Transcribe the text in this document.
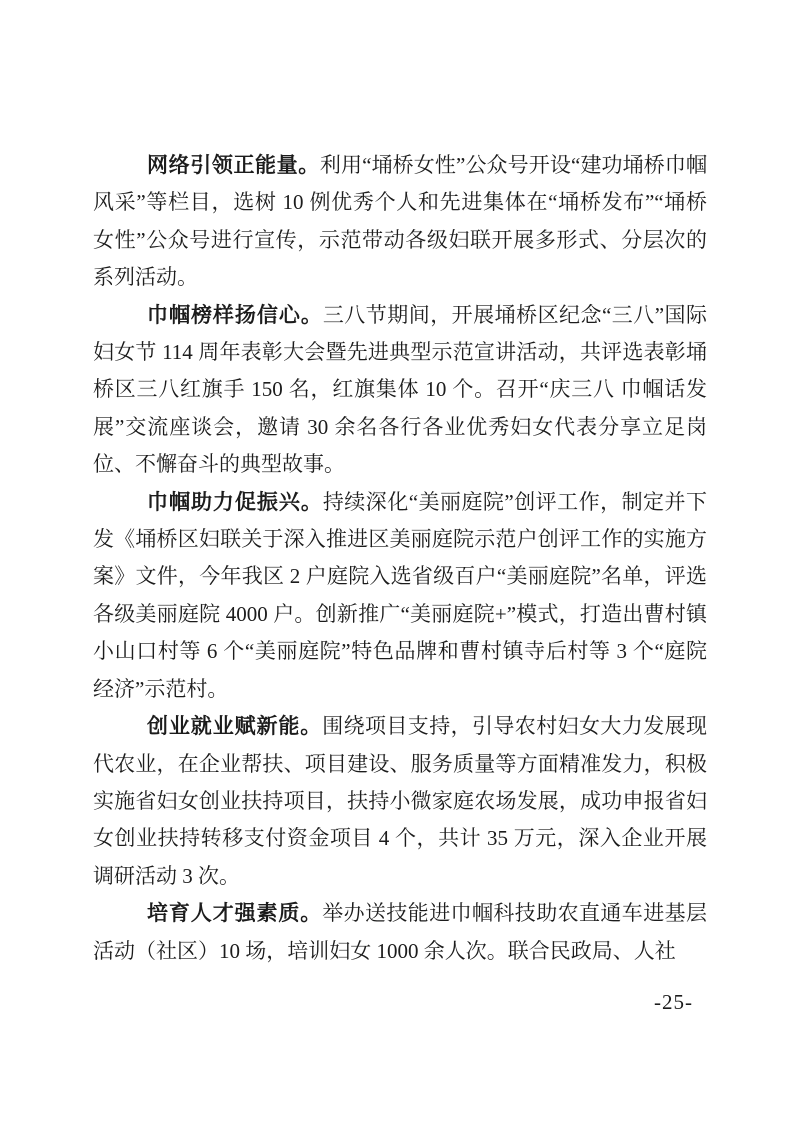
网络引领正能量。利用“埇桥女性”公众号开设“建功埇桥巾帼风采”等栏目，选树 10 例优秀个人和先进集体在“埇桥发布”“埇桥女性”公众号进行宣传，示范带动各级妇联开展多形式、分层次的系列活动。

巾帼榜样扬信心。三八节期间，开展埇桥区纪念“三八”国际妇女节 114 周年表彰大会暨先进典型示范宣讲活动，共评选表彰埇桥区三八红旗手 150 名，红旗集体 10 个。召开“庆三八 巾帼话发展”交流座谈会，邀请 30 余名各行各业优秀妇女代表分享立足岗位、不懈奋斗的典型故事。

巾帼助力促振兴。持续深化“美丽庭院”创评工作，制定并下发《埇桥区妇联关于深入推进区美丽庭院示范户创评工作的实施方案》文件，今年我区 2 户庭院入选省级百户“美丽庭院”名单，评选各级美丽庭院 4000 户。创新推广“美丽庭院+”模式，打造出曹村镇小山口村等 6 个“美丽庭院”特色品牌和曹村镇寺后村等 3 个“庭院经济”示范村。

创业就业赋新能。围绕项目支持，引导农村妇女大力发展现代农业，在企业帮扶、项目建设、服务质量等方面精准发力，积极实施省妇女创业扶持项目，扶持小微家庭农场发展，成功申报省妇女创业扶持转移支付资金项目 4 个，共计 35 万元，深入企业开展调研活动 3 次。

培育人才强素质。举办送技能进巾帼科技助农直通车进基层活动（社区）10 场，培训妇女 1000 余人次。联合民政局、人社

-25-
